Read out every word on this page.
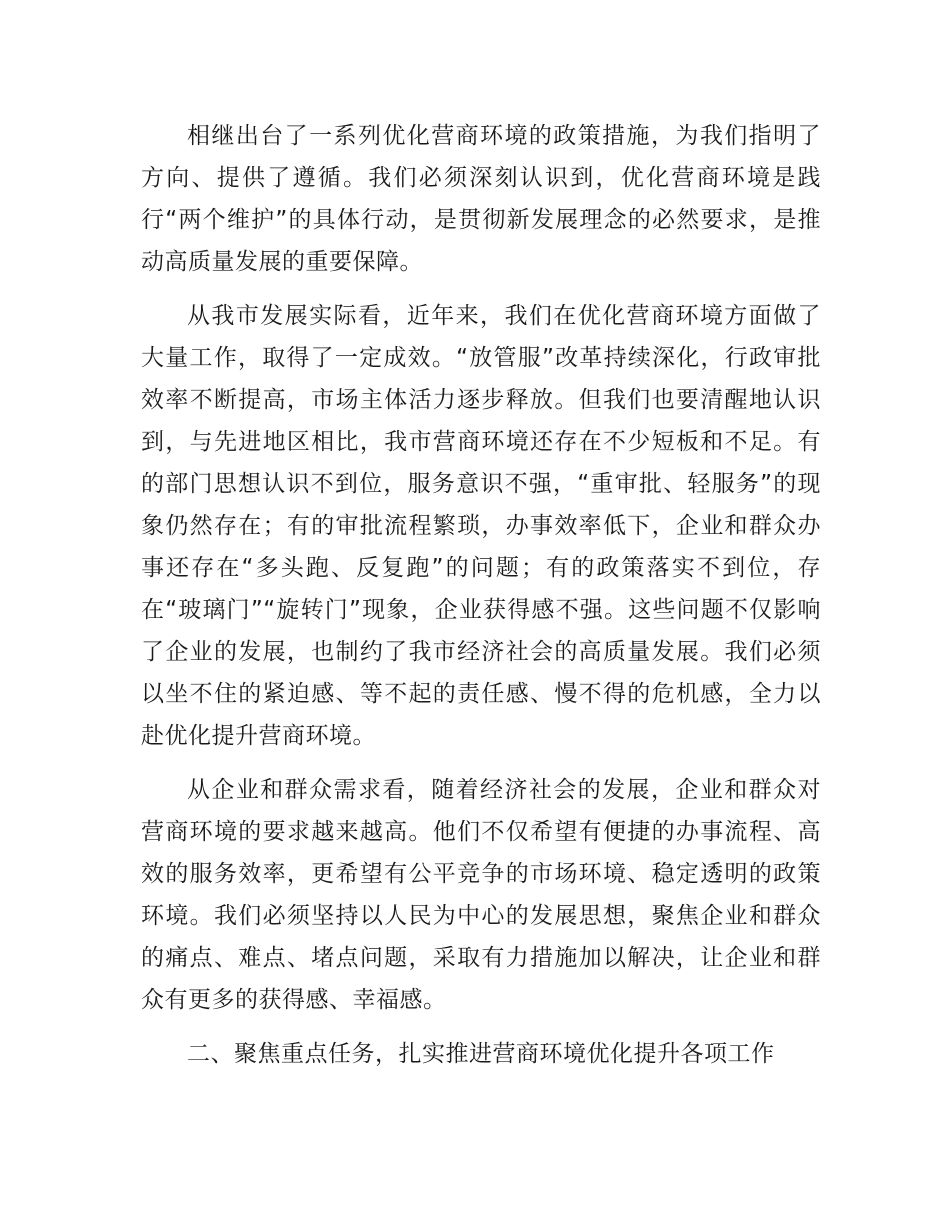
相继出台了一系列优化营商环境的政策措施，为我们指明了方向、提供了遵循。我们必须深刻认识到，优化营商环境是践行“两个维护”的具体行动，是贯彻新发展理念的必然要求，是推动高质量发展的重要保障。

从我市发展实际看，近年来，我们在优化营商环境方面做了大量工作，取得了一定成效。“放管服”改革持续深化，行政审批效率不断提高，市场主体活力逐步释放。但我们也要清醒地认识到，与先进地区相比，我市营商环境还存在不少短板和不足。有的部门思想认识不到位，服务意识不强，“重审批、轻服务”的现象仍然存在；有的审批流程繁琐，办事效率低下，企业和群众办事还存在“多头跑、反复跑”的问题；有的政策落实不到位，存在“玻璃门”“旋转门”现象，企业获得感不强。这些问题不仅影响了企业的发展，也制约了我市经济社会的高质量发展。我们必须以坐不住的紧迫感、等不起的责任感、慢不得的危机感，全力以赴优化提升营商环境。

从企业和群众需求看，随着经济社会的发展，企业和群众对营商环境的要求越来越高。他们不仅希望有便捷的办事流程、高效的服务效率，更希望有公平竞争的市场环境、稳定透明的政策环境。我们必须坚持以人民为中心的发展思想，聚焦企业和群众的痛点、难点、堵点问题，采取有力措施加以解决，让企业和群众有更多的获得感、幸福感。

二、聚焦重点任务，扎实推进营商环境优化提升各项工作
